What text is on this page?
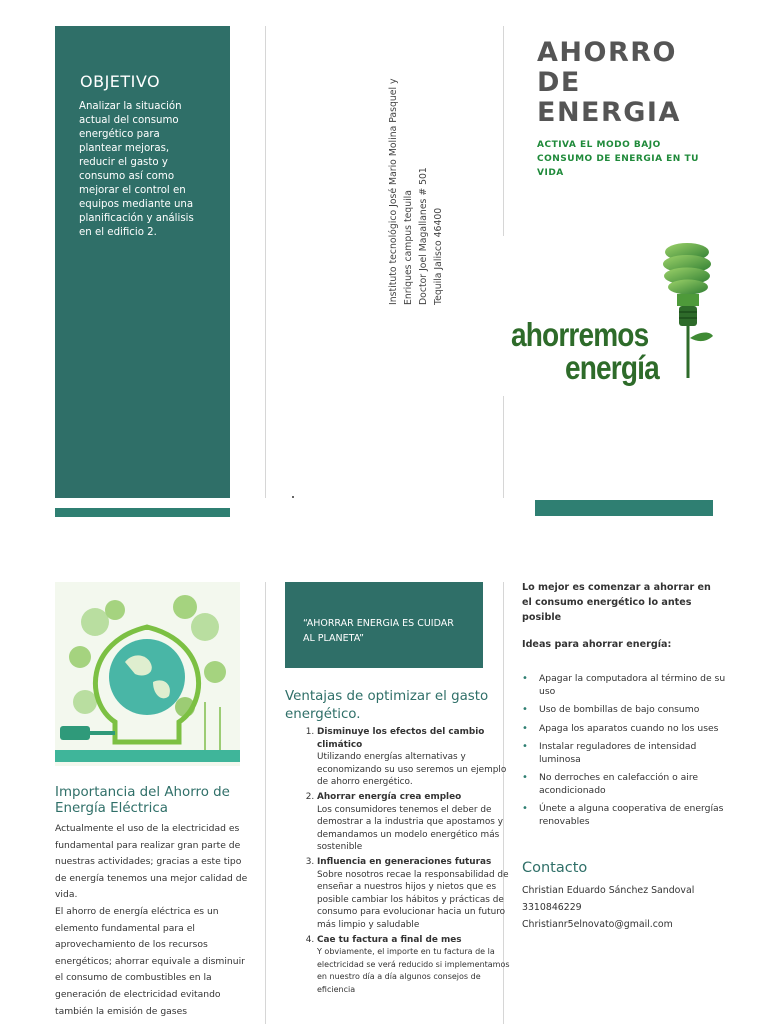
OBJETIVO
Analizar la situación actual del consumo energético para plantear mejoras, reducir el gasto y consumo así como mejorar el control en equipos mediante una planificación y análisis en el edificio 2.	Instituto tecnológico José Mario Molina Pasquel y Enriques campus tequila Doctor Joel Magallanes # 501 Tequila Jalisco 46400
AHORRO
DE
ENERGIA
ACTIVA EL MODO BAJO CONSUMO DE ENERGIA EN TU VIDA
ahorremos
energía
Importancia del Ahorro de Energía Eléctrica
Actualmente el uso de la electricidad es fundamental para realizar gran parte de nuestras actividades; gracias a este tipo de energía tenemos una mejor calidad de vida.
El ahorro de energía eléctrica es un elemento fundamental para el aprovechamiento de los recursos energéticos; ahorrar equivale a disminuir el consumo de combustibles en la generación de electricidad evitando también la emisión de gases
“AHORRAR ENERGIA ES CUIDAR AL PLANETA”
Ventajas de optimizar el gasto energético.
1. Disminuye los efectos del cambio climático
Utilizando energías alternativas y economizando su uso seremos un ejemplo de ahorro energético.
2. Ahorrar energía crea empleo
Los consumidores tenemos el deber de demostrar a la industria que apostamos y demandamos un modelo energético más sostenible
3. Influencia en generaciones futuras
Sobre nosotros recae la responsabilidad de enseñar a nuestros hijos y nietos que es posible cambiar los hábitos y prácticas de consumo para evolucionar hacia un futuro más limpio y saludable
4. Cae tu factura a final de mes
Y obviamente, el importe en tu factura de la electricidad se verá reducido si implementamos en nuestro día a día algunos consejos de eficiencia
Lo mejor es comenzar a ahorrar en el consumo energético lo antes posible
Ideas para ahorrar energía:
• Apagar la computadora al término de su uso
• Uso de bombillas de bajo consumo
• Apaga los aparatos cuando no los uses
• Instalar reguladores de intensidad luminosa
• No derroches en calefacción o aire acondicionado
• Únete a alguna cooperativa de energías renovables
Contacto
Christian Eduardo Sánchez Sandoval
3310846229
Christianr5elnovato@gmail.com
